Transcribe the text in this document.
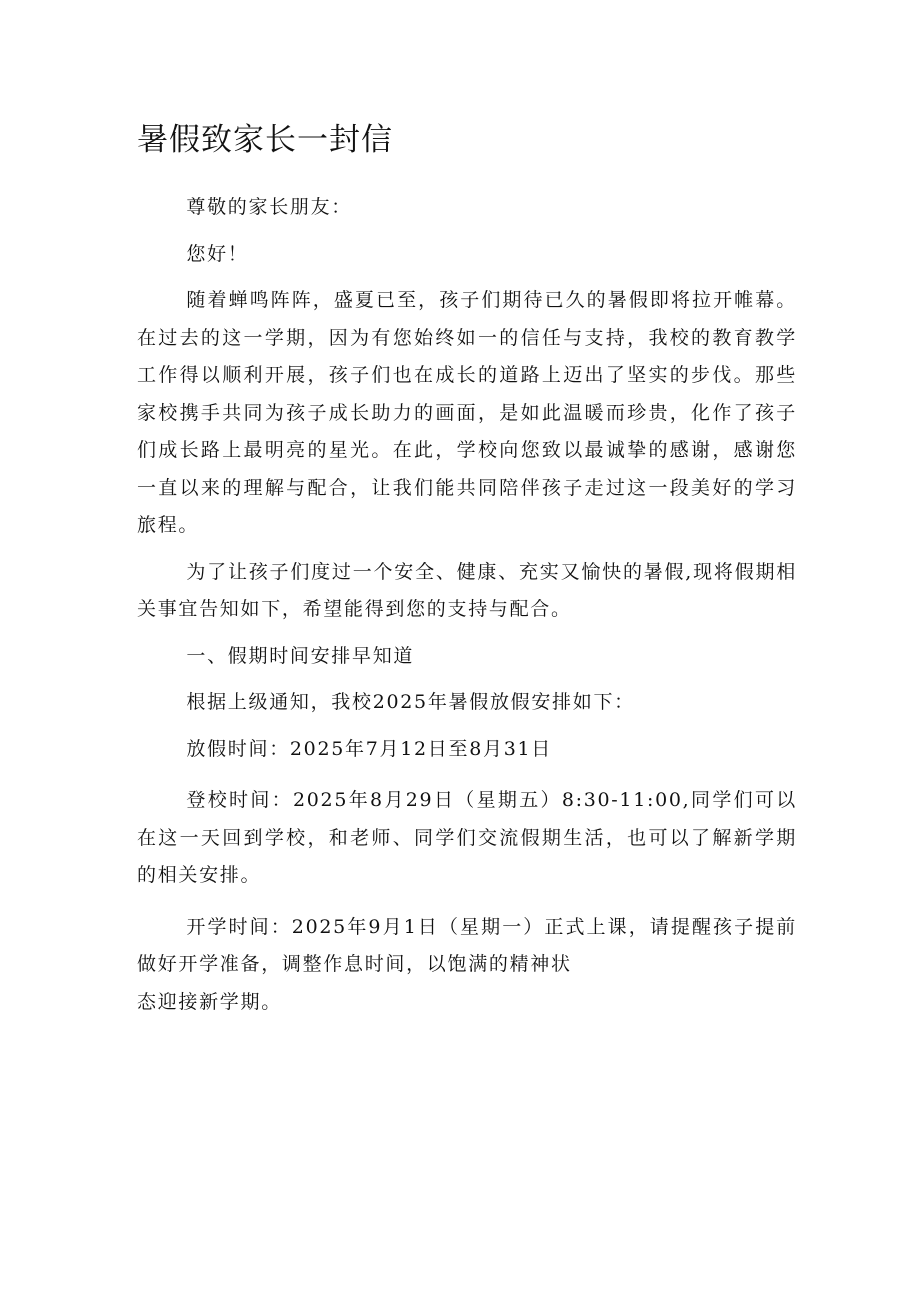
暑假致家长一封信

尊敬的家长朋友：

您好！

随着蝉鸣阵阵，盛夏已至，孩子们期待已久的暑假即将拉开帷幕。在过去的这一学期，因为有您始终如一的信任与支持，我校的教育教学工作得以顺利开展，孩子们也在成长的道路上迈出了坚实的步伐。那些家校携手共同为孩子成长助力的画面，是如此温暖而珍贵，化作了孩子们成长路上最明亮的星光。在此，学校向您致以最诚挚的感谢，感谢您一直以来的理解与配合，让我们能共同陪伴孩子走过这一段美好的学习旅程。

为了让孩子们度过一个安全、健康、充实又愉快的暑假,现将假期相关事宜告知如下，希望能得到您的支持与配合。

一、假期时间安排早知道

根据上级通知，我校2025年暑假放假安排如下：

放假时间：2025年7月12日至8月31日

登校时间：2025年8月29日（星期五）8:30-11:00,同学们可以在这一天回到学校，和老师、同学们交流假期生活，也可以了解新学期的相关安排。

开学时间：2025年9月1日（星期一）正式上课，请提醒孩子提前做好开学准备，调整作息时间，以饱满的精神状
态迎接新学期。
